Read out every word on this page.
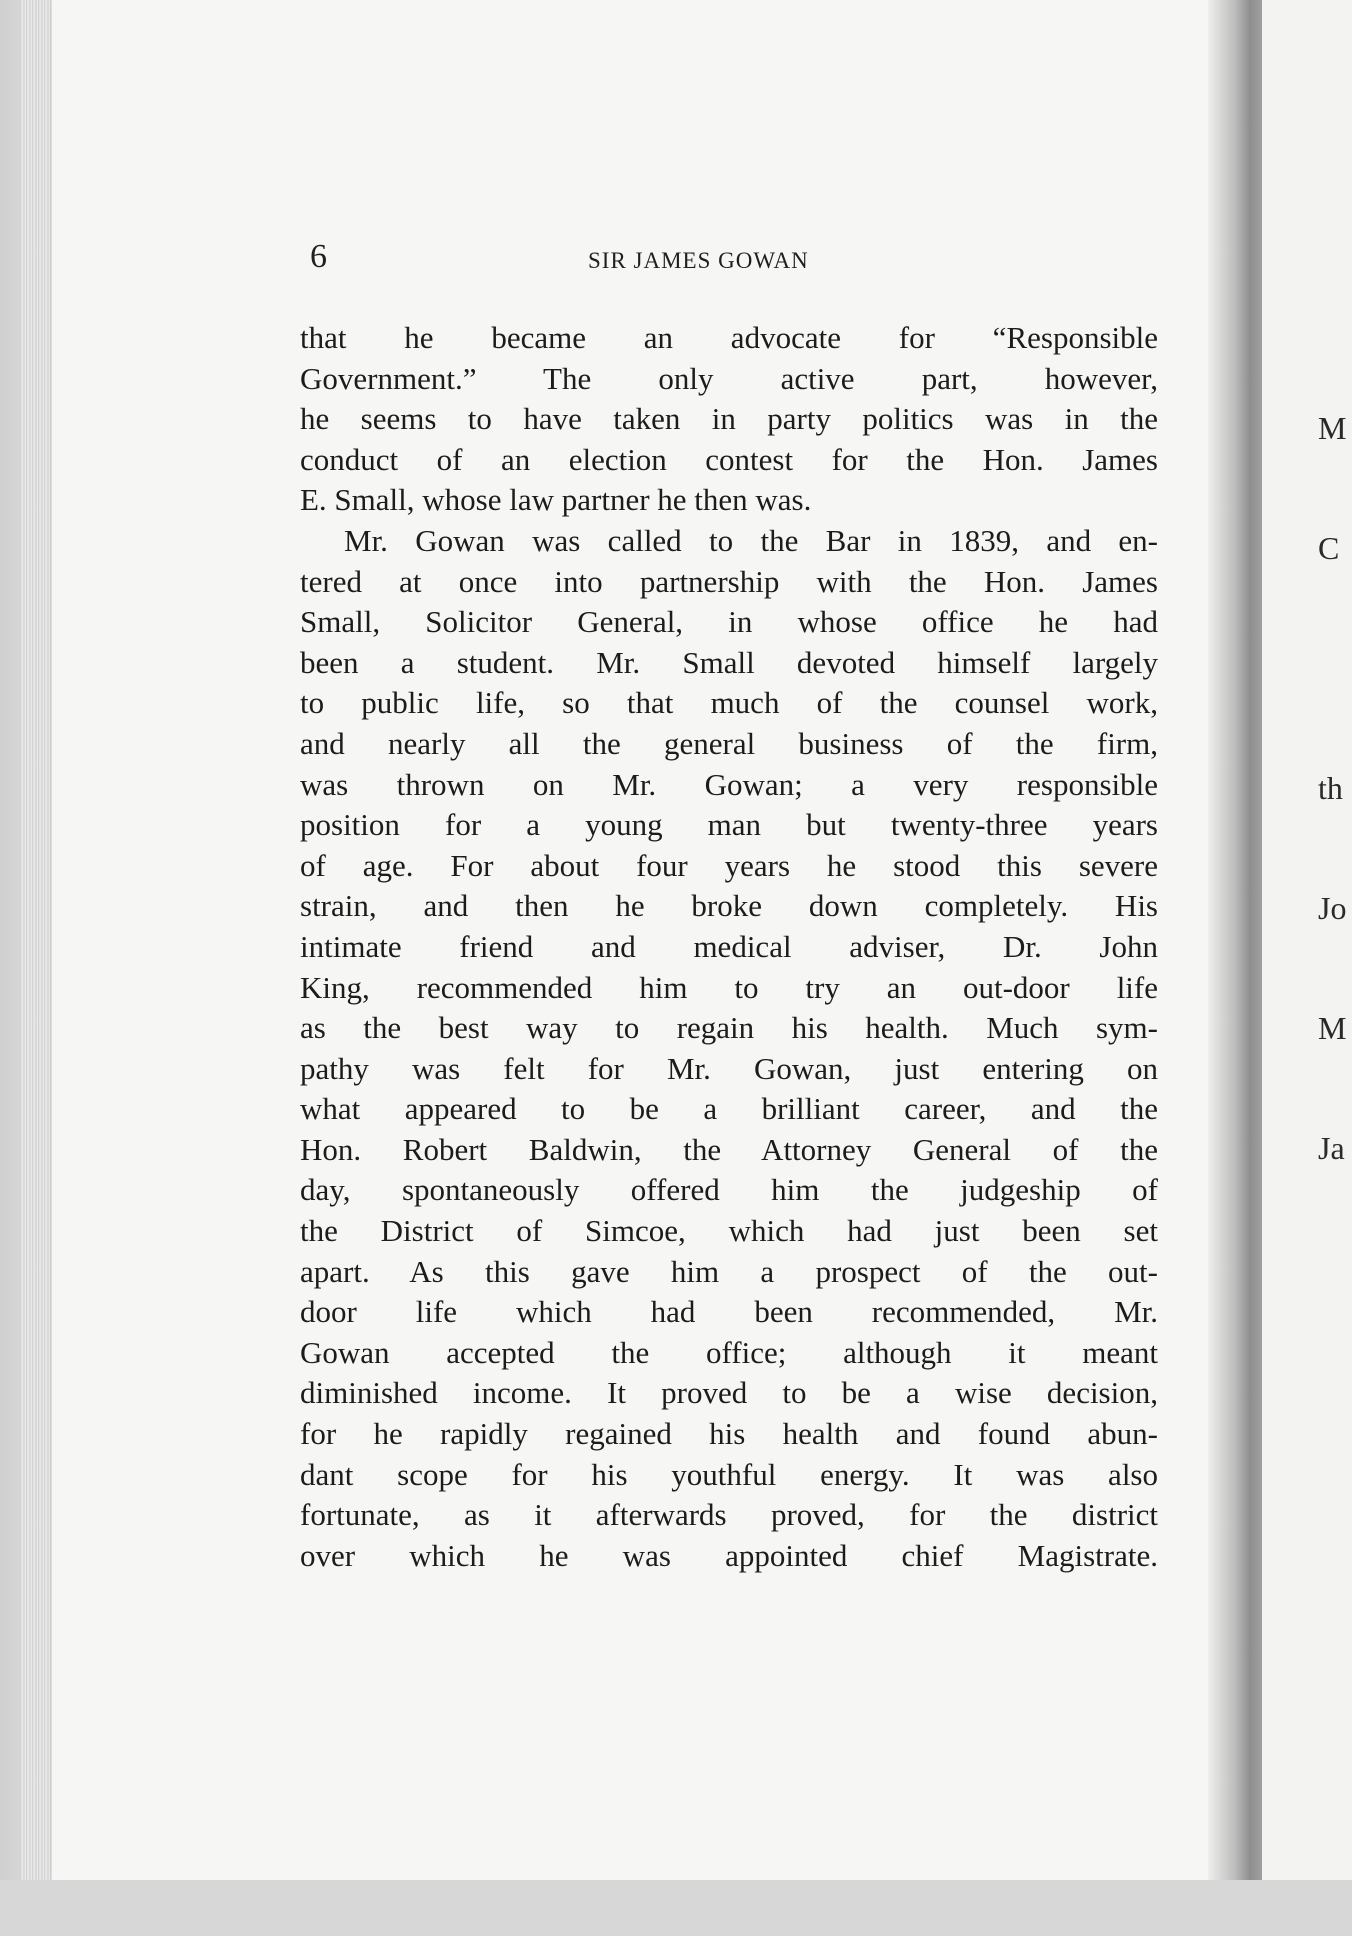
M

C

th

Jo

M

Ja

6	SIR JAMES GOWAN
that he became an advocate for “Responsible
Government.” The only active part, however,
he seems to have taken in party politics was in the
conduct of an election contest for the Hon. James
E. Small, whose law partner he then was.
Mr. Gowan was called to the Bar in 1839, and en-
tered at once into partnership with the Hon. James
Small, Solicitor General, in whose office he had
been a student. Mr. Small devoted himself largely
to public life, so that much of the counsel work,
and nearly all the general business of the firm,
was thrown on Mr. Gowan; a very responsible
position for a young man but twenty-three years
of age. For about four years he stood this severe
strain, and then he broke down completely. His
intimate friend and medical adviser, Dr. John
King, recommended him to try an out-door life
as the best way to regain his health. Much sym-
pathy was felt for Mr. Gowan, just entering on
what appeared to be a brilliant career, and the
Hon. Robert Baldwin, the Attorney General of the
day, spontaneously offered him the judgeship of
the District of Simcoe, which had just been set
apart. As this gave him a prospect of the out-
door life which had been recommended, Mr.
Gowan accepted the office; although it meant
diminished income. It proved to be a wise decision,
for he rapidly regained his health and found abun-
dant scope for his youthful energy. It was also
fortunate, as it afterwards proved, for the district
over which he was appointed chief Magistrate.
